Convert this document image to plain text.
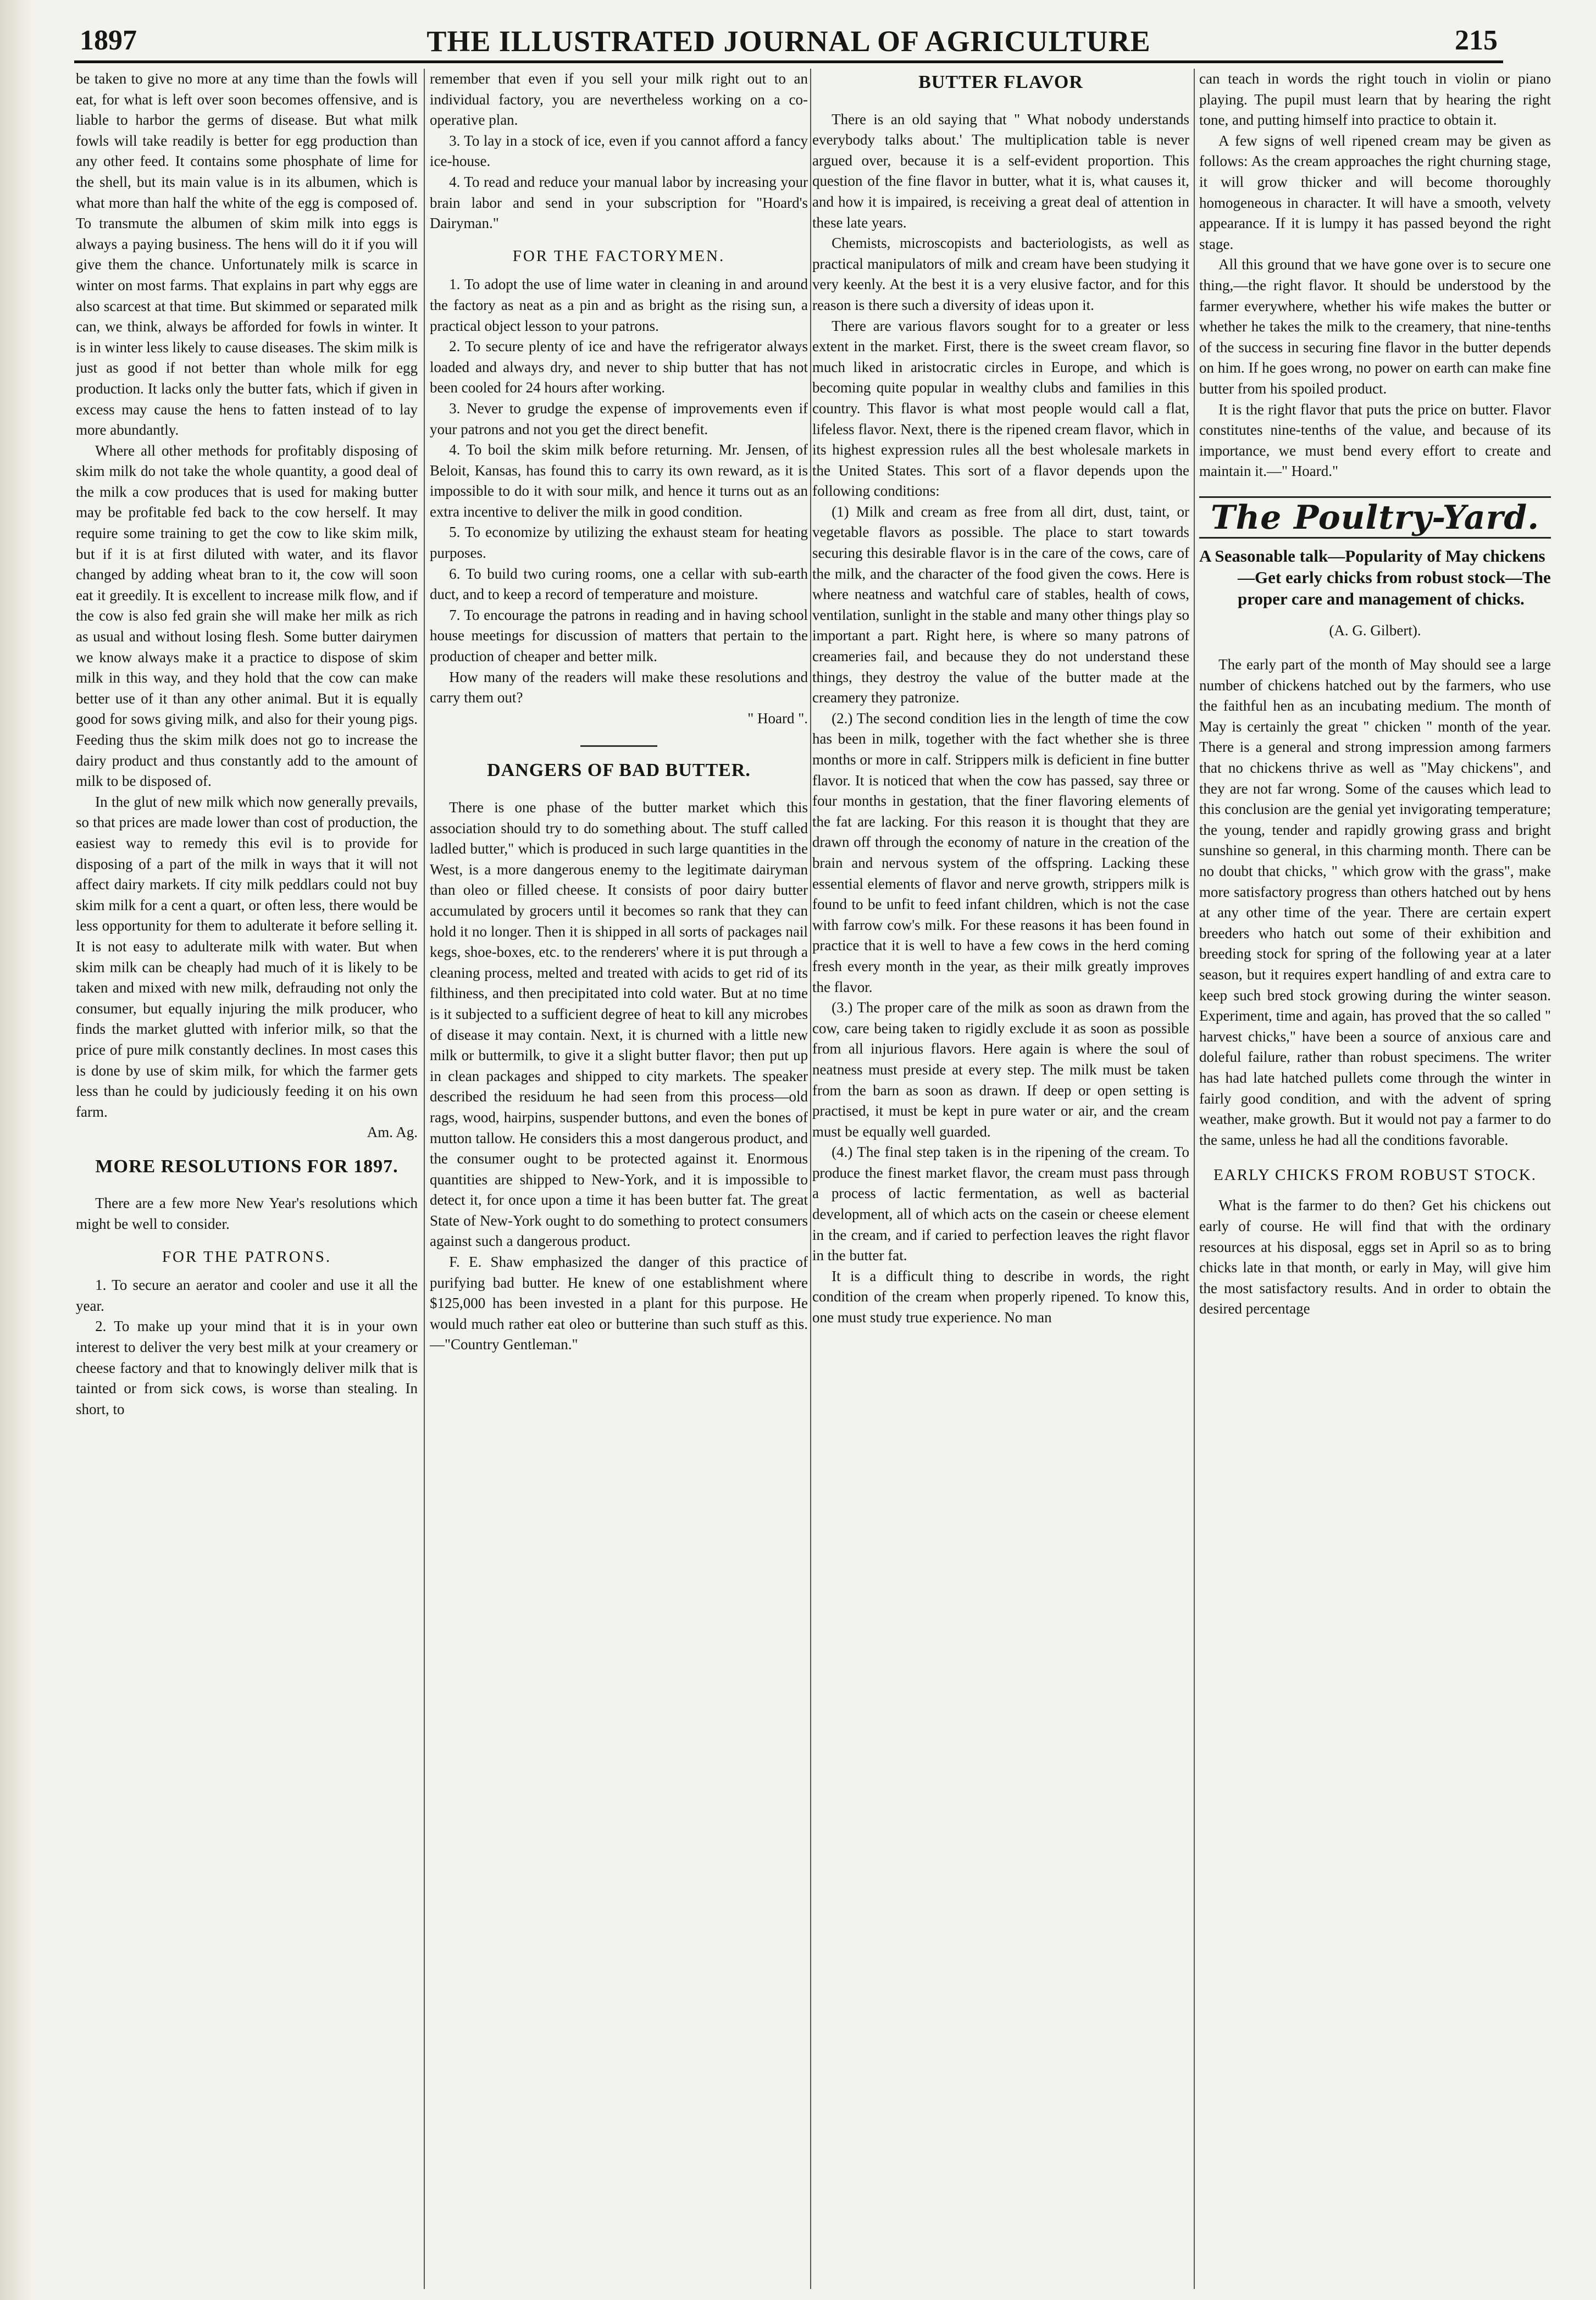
1897	THE ILLUSTRATED JOURNAL OF AGRICULTURE	215

be taken to give no more at any time than the fowls will eat, for what is left over soon becomes offensive, and is liable to harbor the germs of disease. But what milk fowls will take readily is better for egg production than any other feed. It contains some phosphate of lime for the shell, but its main value is in its albumen, which is what more than half the white of the egg is composed of. To transmute the albumen of skim milk into eggs is always a paying business. The hens will do it if you will give them the chance. Unfortunately milk is scarce in winter on most farms. That explains in part why eggs are also scarcest at that time. But skimmed or separated milk can, we think, always be afforded for fowls in winter. It is in winter less likely to cause diseases. The skim milk is just as good if not better than whole milk for egg production. It lacks only the butter fats, which if given in excess may cause the hens to fatten instead of to lay more abundantly.

Where all other methods for profitably disposing of skim milk do not take the whole quantity, a good deal of the milk a cow produces that is used for making butter may be profitable fed back to the cow herself. It may require some training to get the cow to like skim milk, but if it is at first diluted with water, and its flavor changed by adding wheat bran to it, the cow will soon eat it greedily. It is excellent to increase milk flow, and if the cow is also fed grain she will make her milk as rich as usual and without losing flesh. Some butter dairymen we know always make it a practice to dispose of skim milk in this way, and they hold that the cow can make better use of it than any other animal. But it is equally good for sows giving milk, and also for their young pigs. Feeding thus the skim milk does not go to increase the dairy product and thus constantly add to the amount of milk to be disposed of.

In the glut of new milk which now generally prevails, so that prices are made lower than cost of production, the easiest way to remedy this evil is to provide for disposing of a part of the milk in ways that it will not affect dairy markets. If city milk peddlars could not buy skim milk for a cent a quart, or often less, there would be less opportunity for them to adulterate it before selling it. It is not easy to adulterate milk with water. But when skim milk can be cheaply had much of it is likely to be taken and mixed with new milk, defrauding not only the consumer, but equally injuring the milk producer, who finds the market glutted with inferior milk, so that the price of pure milk constantly declines. In most cases this is done by use of skim milk, for which the farmer gets less than he could by judiciously feeding it on his own farm.

Am. Ag.

MORE RESOLUTIONS FOR 1897.

There are a few more New Year's resolutions which might be well to consider.

FOR THE PATRONS.

1. To secure an aerator and cooler and use it all the year.

2. To make up your mind that it is in your own interest to deliver the very best milk at your creamery or cheese factory and that to knowingly deliver milk that is tainted or from sick cows, is worse than stealing. In short, to

remember that even if you sell your milk right out to an individual factory, you are nevertheless working on a co-operative plan.

3. To lay in a stock of ice, even if you cannot afford a fancy ice-house.

4. To read and reduce your manual labor by increasing your brain labor and send in your subscription for "Hoard's Dairyman."

FOR THE FACTORYMEN.

1. To adopt the use of lime water in cleaning in and around the factory as neat as a pin and as bright as the rising sun, a practical object lesson to your patrons.

2. To secure plenty of ice and have the refrigerator always loaded and always dry, and never to ship butter that has not been cooled for 24 hours after working.

3. Never to grudge the expense of improvements even if your patrons and not you get the direct benefit.

4. To boil the skim milk before returning. Mr. Jensen, of Beloit, Kansas, has found this to carry its own reward, as it is impossible to do it with sour milk, and hence it turns out as an extra incentive to deliver the milk in good condition.

5. To economize by utilizing the exhaust steam for heating purposes.

6. To build two curing rooms, one a cellar with sub-earth duct, and to keep a record of temperature and moisture.

7. To encourage the patrons in reading and in having school house meetings for discussion of matters that pertain to the production of cheaper and better milk.

How many of the readers will make these resolutions and carry them out?

" Hoard ".

DANGERS OF BAD BUTTER.

There is one phase of the butter market which this association should try to do something about. The stuff called ladled butter," which is produced in such large quantities in the West, is a more dangerous enemy to the legitimate dairyman than oleo or filled cheese. It consists of poor dairy butter accumulated by grocers until it becomes so rank that they can hold it no longer. Then it is shipped in all sorts of packages nail kegs, shoe-boxes, etc. to the renderers' where it is put through a cleaning process, melted and treated with acids to get rid of its filthiness, and then precipitated into cold water. But at no time is it subjected to a sufficient degree of heat to kill any microbes of disease it may contain. Next, it is churned with a little new milk or buttermilk, to give it a slight butter flavor; then put up in clean packages and shipped to city markets. The speaker described the residuum he had seen from this process—old rags, wood, hairpins, suspender buttons, and even the bones of mutton tallow. He considers this a most dangerous product, and the consumer ought to be protected against it. Enormous quantities are shipped to New-York, and it is impossible to detect it, for once upon a time it has been butter fat. The great State of New-York ought to do something to protect consumers against such a dangerous product.

F. E. Shaw emphasized the danger of this practice of purifying bad butter. He knew of one establishment where $125,000 has been invested in a plant for this purpose. He would much rather eat oleo or butterine than such stuff as this.—"Country Gentleman."

BUTTER FLAVOR

There is an old saying that " What nobody understands everybody talks about.' The multiplication table is never argued over, because it is a self-evident proportion. This question of the fine flavor in butter, what it is, what causes it, and how it is impaired, is receiving a great deal of attention in these late years.

Chemists, microscopists and bacteriologists, as well as practical manipulators of milk and cream have been studying it very keenly. At the best it is a very elusive factor, and for this reason is there such a diversity of ideas upon it.

There are various flavors sought for to a greater or less extent in the market. First, there is the sweet cream flavor, so much liked in aristocratic circles in Europe, and which is becoming quite popular in wealthy clubs and families in this country. This flavor is what most people would call a flat, lifeless flavor. Next, there is the ripened cream flavor, which in its highest expression rules all the best wholesale markets in the United States. This sort of a flavor depends upon the following conditions:

(1) Milk and cream as free from all dirt, dust, taint, or vegetable flavors as possible. The place to start towards securing this desirable flavor is in the care of the cows, care of the milk, and the character of the food given the cows. Here is where neatness and watchful care of stables, health of cows, ventilation, sunlight in the stable and many other things play so important a part. Right here, is where so many patrons of creameries fail, and because they do not understand these things, they destroy the value of the butter made at the creamery they patronize.

(2.) The second condition lies in the length of time the cow has been in milk, together with the fact whether she is three months or more in calf. Strippers milk is deficient in fine butter flavor. It is noticed that when the cow has passed, say three or four months in gestation, that the finer flavoring elements of the fat are lacking. For this reason it is thought that they are drawn off through the economy of nature in the creation of the brain and nervous system of the offspring. Lacking these essential elements of flavor and nerve growth, strippers milk is found to be unfit to feed infant children, which is not the case with farrow cow's milk. For these reasons it has been found in practice that it is well to have a few cows in the herd coming fresh every month in the year, as their milk greatly improves the flavor.

(3.) The proper care of the milk as soon as drawn from the cow, care being taken to rigidly exclude it as soon as possible from all injurious flavors. Here again is where the soul of neatness must preside at every step. The milk must be taken from the barn as soon as drawn. If deep or open setting is practised, it must be kept in pure water or air, and the cream must be equally well guarded.

(4.) The final step taken is in the ripening of the cream. To produce the finest market flavor, the cream must pass through a process of lactic fermentation, as well as bacterial development, all of which acts on the casein or cheese element in the cream, and if caried to perfection leaves the right flavor in the butter fat.

It is a difficult thing to describe in words, the right condition of the cream when properly ripened. To know this, one must study true experience. No man

can teach in words the right touch in violin or piano playing. The pupil must learn that by hearing the right tone, and putting himself into practice to obtain it.

A few signs of well ripened cream may be given as follows: As the cream approaches the right churning stage, it will grow thicker and will become thoroughly homogeneous in character. It will have a smooth, velvety appearance. If it is lumpy it has passed beyond the right stage.

All this ground that we have gone over is to secure one thing,—the right flavor. It should be understood by the farmer everywhere, whether his wife makes the butter or whether he takes the milk to the creamery, that nine-tenths of the success in securing fine flavor in the butter depends on him. If he goes wrong, no power on earth can make fine butter from his spoiled product.

It is the right flavor that puts the price on butter. Flavor constitutes nine-tenths of the value, and because of its importance, we must bend every effort to create and maintain it.—" Hoard."

The Poultry-Yard.
A Seasonable talk—Popularity of May chickens—Get early chicks from robust stock—The proper care and management of chicks.
(A. G. Gilbert).

The early part of the month of May should see a large number of chickens hatched out by the farmers, who use the faithful hen as an incubating medium. The month of May is certainly the great " chicken " month of the year. There is a general and strong impression among farmers that no chickens thrive as well as "May chickens", and they are not far wrong. Some of the causes which lead to this conclusion are the genial yet invigorating temperature; the young, tender and rapidly growing grass and bright sunshine so general, in this charming month. There can be no doubt that chicks, " which grow with the grass", make more satisfactory progress than others hatched out by hens at any other time of the year. There are certain expert breeders who hatch out some of their exhibition and breeding stock for spring of the following year at a later season, but it requires expert handling of and extra care to keep such bred stock growing during the winter season. Experiment, time and again, has proved that the so called " harvest chicks," have been a source of anxious care and doleful failure, rather than robust specimens. The writer has had late hatched pullets come through the winter in fairly good condition, and with the advent of spring weather, make growth. But it would not pay a farmer to do the same, unless he had all the conditions favorable.

EARLY CHICKS FROM ROBUST STOCK.

What is the farmer to do then? Get his chickens out early of course. He will find that with the ordinary resources at his disposal, eggs set in April so as to bring chicks late in that month, or early in May, will give him the most satisfactory results. And in order to obtain the desired percentage
